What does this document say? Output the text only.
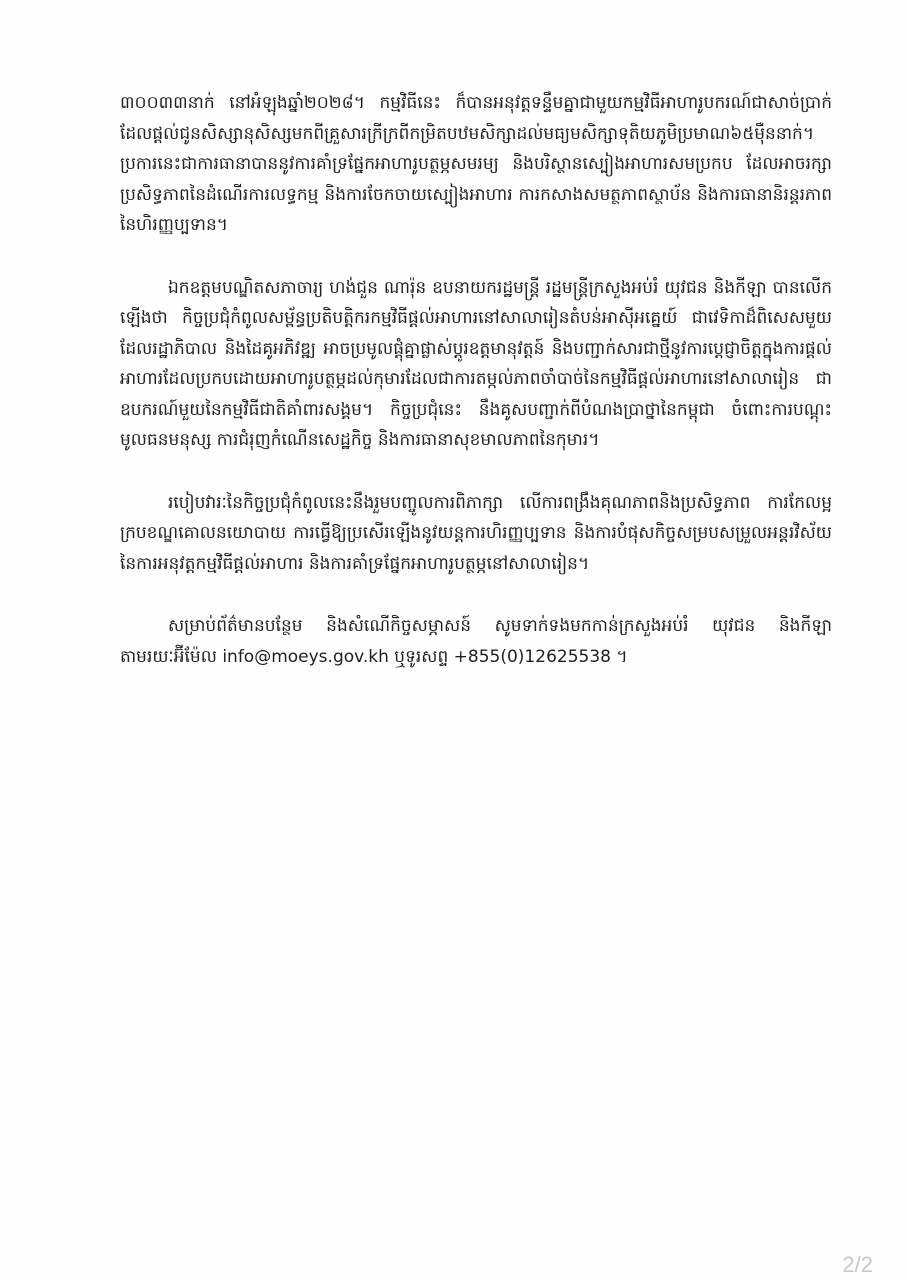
៣០០៣៣នាក់ នៅអំឡុងឆ្នាំ២០២៨។ កម្មវិធីនេះ ក៏បានអនុវត្តទន្ទឹមគ្នាជាមួយកម្មវិធីអាហារូបករណ៍ជាសាច់ប្រាក់ ដែលផ្តល់ជូនសិស្សានុសិស្សមកពីគ្រួសារក្រីក្រពីកម្រិតបឋមសិក្សាដល់មធ្យមសិក្សាទុតិយភូមិប្រមាណ៦៥ម៉ឺននាក់។ ប្រការនេះជាការធានាបាននូវការគាំទ្រផ្នែកអាហារូបត្ថម្ភសមរម្យ និងបរិស្ថានស្បៀងអាហារសមប្រកប ដែលអាចរក្សាប្រសិទ្ធភាពនៃដំណើរការលទ្ធកម្ម និងការចែកចាយស្បៀងអាហារ ការកសាងសមត្ថភាពស្ថាប័ន និងការធានានិរន្តរភាពនៃហិរញ្ញប្បទាន។

ឯកឧត្តមបណ្ឌិតសភាចារ្យ ហង់ជួន ណារ៉ុន ឧបនាយករដ្ឋមន្ត្រី រដ្ឋមន្ត្រីក្រសួងអប់រំ យុវជន និងកីឡា បានលើកឡើងថា កិច្ចប្រជុំកំពូលសម្ព័ន្ធប្រតិបត្តិករកម្មវិធីផ្តល់អាហារនៅសាលារៀនតំបន់អាស៊ីអគ្នេយ៍ ជាវេទិកាដ៏ពិសេសមួយដែលរដ្ឋាភិបាល និងដៃគូអភិវឌ្ឍ អាចប្រមូលផ្តុំគ្នាផ្លាស់ប្តូរឧត្តមានុវត្តន៍ និងបញ្ជាក់សារជាថ្មីនូវការប្តេជ្ញាចិត្តក្នុងការផ្តល់អាហារដែលប្រកបដោយអាហារូបត្ថម្ភដល់កុមារដែលជាការតម្កល់ភាពចាំបាច់នៃកម្មវិធីផ្តល់អាហារនៅសាលារៀន ជាឧបករណ៍មួយនៃកម្មវិធីជាតិគាំពារសង្គម។ កិច្ចប្រជុំនេះ នឹងគូសបញ្ជាក់ពីបំណងប្រាថ្នានៃកម្ពុជា ចំពោះការបណ្តុះមូលធនមនុស្ស ការជំរុញកំណើនសេដ្ឋកិច្ច និងការធានាសុខមាលភាពនៃកុមារ។

របៀបវារៈនៃកិច្ចប្រជុំកំពូលនេះនឹងរួមបញ្ចូលការពិភាក្សា លើការពង្រឹងគុណភាពនិងប្រសិទ្ធភាព ការកែលម្អក្របខណ្ឌគោលនយោបាយ ការធ្វើឱ្យប្រសើរឡើងនូវយន្តការហិរញ្ញប្បទាន និងការបំផុសកិច្ចសម្របសម្រួលអន្តរវិស័យ នៃការអនុវត្តកម្មវិធីផ្តល់អាហារ និងការគាំទ្រផ្នែកអាហារូបត្ថម្ភនៅសាលារៀន។

សម្រាប់ព័ត៌មានបន្ថែម និងសំណើកិច្ចសម្ភាសន៍ សូមទាក់ទងមកកាន់ក្រសួងអប់រំ យុវជន និងកីឡា តាមរយៈអ៊ីម៉ែល info@moeys.gov.kh ឬទូរសព្ទ +855(0)12625538 ។

2/2
